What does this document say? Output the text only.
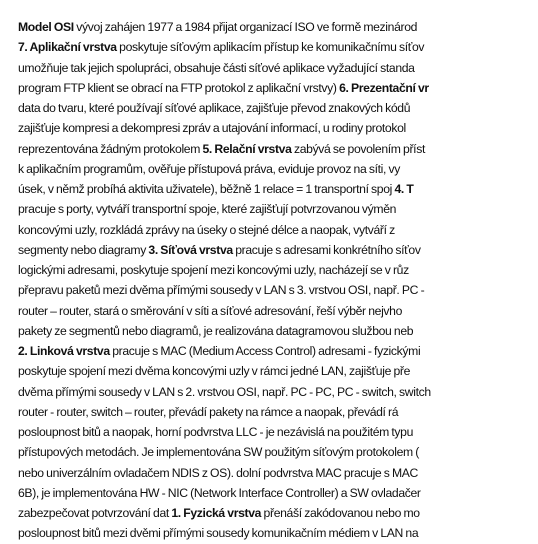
Model OSI vývoj zahájen 1977 a 1984 přijat organizací ISO ve formě mezinárod
7. Aplikační vrstva poskytuje síťovým aplikacím přístup ke komunikačnímu síťov
umožňuje tak jejich spolupráci, obsahuje části síťové aplikace vyžadující standa
program FTP klient se obrací na FTP protokol z aplikační vrstvy) 6. Prezentační vr
data do tvaru, které používají síťové aplikace, zajišťuje převod znakových kódů
zajišťuje kompresi a dekompresi zpráv a utajování informací, u rodiny protokol
reprezentována žádným protokolem 5. Relační vrstva zabývá se povolením příst
k aplikačním programům, ověřuje přístupová práva, eviduje provoz na síti, vy
úsek, v němž probíhá aktivita uživatele), běžně 1 relace = 1 transportní spoj 4. T
pracuje s porty, vytváří transportní spoje, které zajišťují potvrzovanou výměn
koncovými uzly, rozkládá zprávy na úseky o stejné délce a naopak, vytváří z
segmenty nebo diagramy 3. Síťová vrstva pracuje s adresami konkrétního síťov
logickými adresami, poskytuje spojení mezi koncovými uzly, nacházejí se v růz
přepravu paketů mezi dvěma přímými sousedy v LAN s 3. vrstvou OSI, např. PC -
router – router, stará o směrování v síti a síťové adresování, řeší výběr nejvho
pakety ze segmentů nebo diagramů, je realizována datagramovou službou neb
2. Linková vrstva pracuje s MAC (Medium Access Control) adresami - fyzickými
poskytuje spojení mezi dvěma koncovými uzly v rámci jedné LAN, zajišťuje pře
dvěma přímými sousedy v LAN s 2. vrstvou OSI, např. PC - PC, PC - switch, switch
router - router, switch – router, převádí pakety na rámce a naopak, převádí rá
posloupnost bitů a naopak, horní podvrstva LLC - je nezávislá na použitém typu
přístupových metodách. Je implementována SW použitým síťovým protokolem (
nebo univerzálním ovladačem NDIS z OS). dolní podvrstva MAC pracuje s MAC
6B), je implementována HW - NIC (Network Interface Controller) a SW ovladačer
zabezpečovat potvrzování dat 1. Fyzická vrstva přenáší zakódovanou nebo mo
posloupnost bitů mezi dvěmi přímými sousedy komunikačním médiem v LAN na
